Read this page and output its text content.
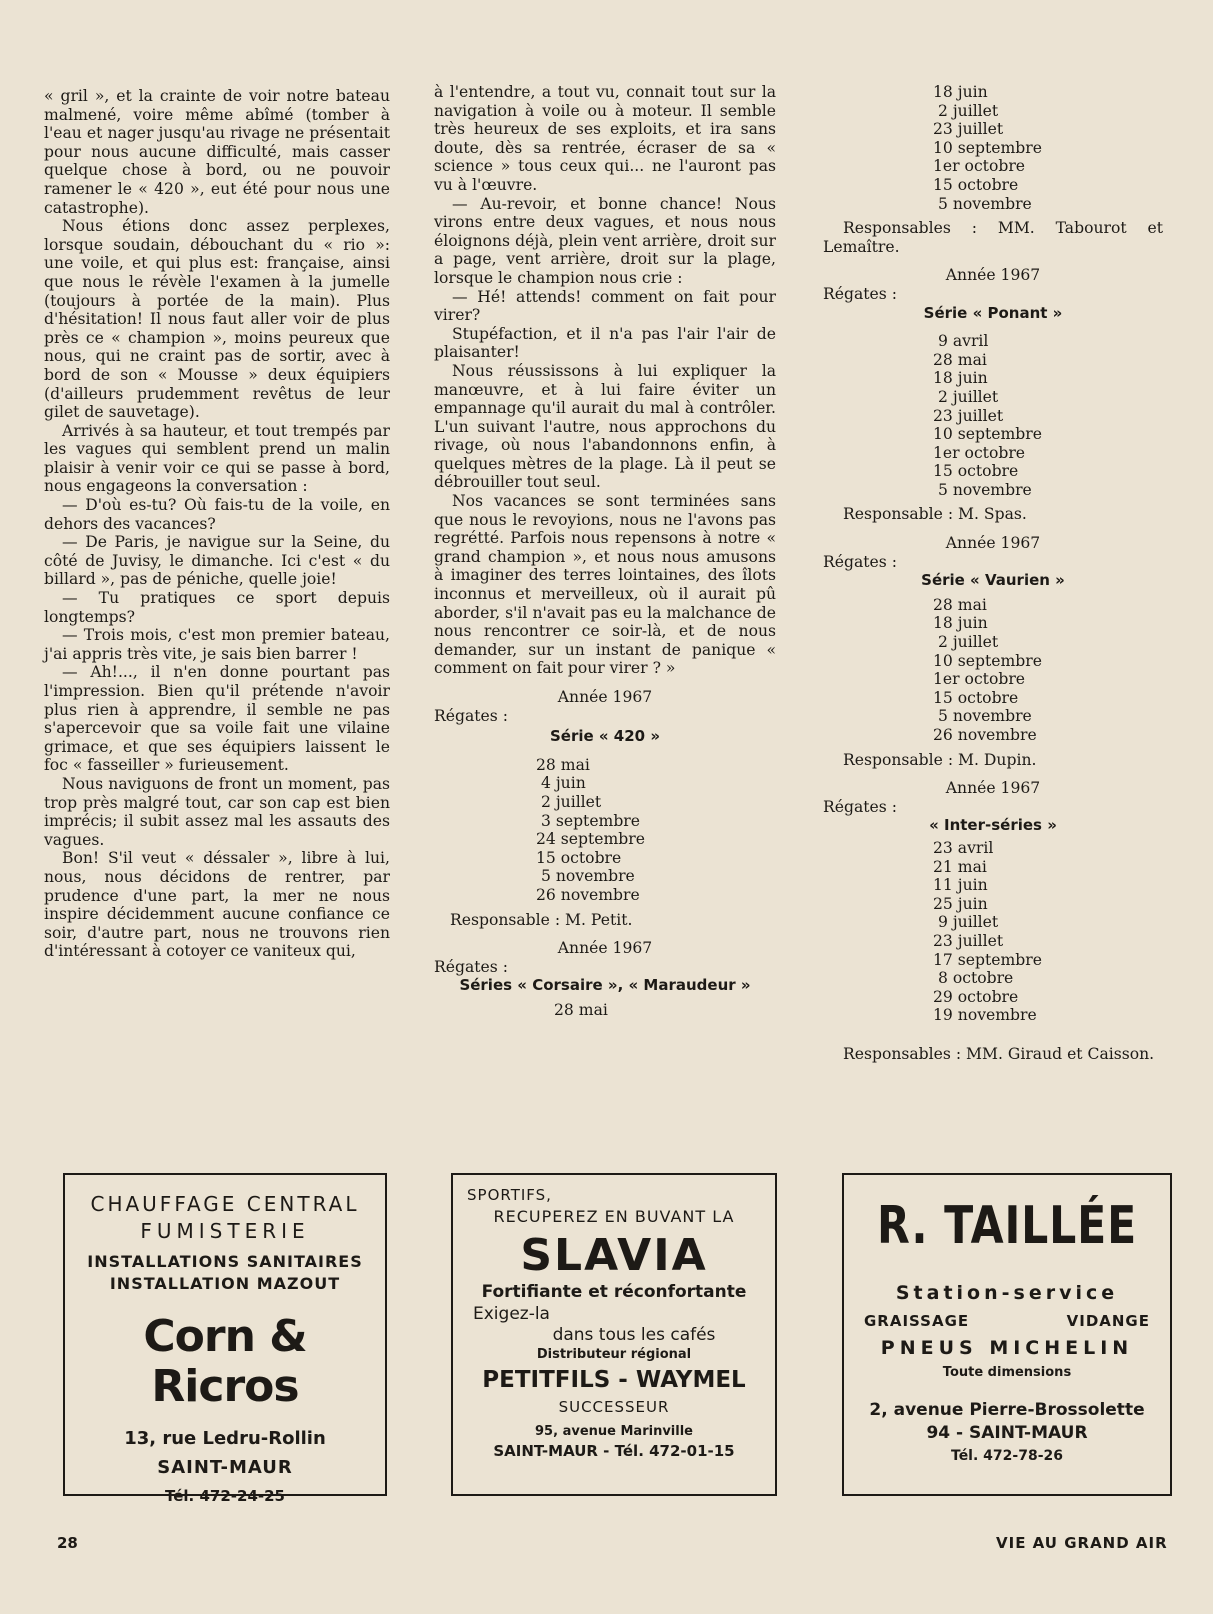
« gril », et la crainte de voir notre bateau malmené, voire même abîmé (tomber à l'eau et nager jusqu'au rivage ne présentait pour nous aucune difficulté, mais casser quelque chose à bord, ou ne pouvoir ramener le « 420 », eut été pour nous une catastrophe).

Nous étions donc assez perplexes, lorsque soudain, débouchant du « rio »: une voile, et qui plus est: française, ainsi que nous le révèle l'examen à la jumelle (toujours à portée de la main). Plus d'hésitation! Il nous faut aller voir de plus près ce « champion », moins peureux que nous, qui ne craint pas de sortir, avec à bord de son « Mousse » deux équipiers (d'ailleurs prudemment revêtus de leur gilet de sauvetage).

Arrivés à sa hauteur, et tout trempés par les vagues qui semblent prend un malin plaisir à venir voir ce qui se passe à bord, nous engageons la conversation :

— D'où es-tu? Où fais-tu de la voile, en dehors des vacances?

— De Paris, je navigue sur la Seine, du côté de Juvisy, le dimanche. Ici c'est « du billard », pas de péniche, quelle joie!

— Tu pratiques ce sport depuis longtemps?

— Trois mois, c'est mon premier bateau, j'ai appris très vite, je sais bien barrer !

— Ah!..., il n'en donne pourtant pas l'impression. Bien qu'il prétende n'avoir plus rien à apprendre, il semble ne pas s'apercevoir que sa voile fait une vilaine grimace, et que ses équipiers laissent le foc « fasseiller » furieusement.

Nous naviguons de front un moment, pas trop près malgré tout, car son cap est bien imprécis; il subit assez mal les assauts des vagues.

Bon! S'il veut « déssaler », libre à lui, nous, nous décidons de rentrer, par prudence d'une part, la mer ne nous inspire décidemment aucune confiance ce soir, d'autre part, nous ne trouvons rien d'intéressant à cotoyer ce vaniteux qui,

à l'entendre, a tout vu, connait tout sur la navigation à voile ou à moteur. Il semble très heureux de ses exploits, et ira sans doute, dès sa rentrée, écraser de sa « science » tous ceux qui... ne l'auront pas vu à l'œuvre.

— Au-revoir, et bonne chance! Nous virons entre deux vagues, et nous nous éloignons déjà, plein vent arrière, droit sur a page, vent arrière, droit sur la plage, lorsque le champion nous crie :

— Hé! attends! comment on fait pour virer?

Stupéfaction, et il n'a pas l'air l'air de plaisanter!

Nous réussissons à lui expliquer la manœuvre, et à lui faire éviter un empannage qu'il aurait du mal à contrôler. L'un suivant l'autre, nous approchons du rivage, où nous l'abandonnons enfin, à quelques mètres de la plage. Là il peut se débrouiller tout seul.

Nos vacances se sont terminées sans que nous le revoyions, nous ne l'avons pas regrétté. Parfois nous repensons à notre « grand champion », et nous nous amusons à imaginer des terres lointaines, des îlots inconnus et merveilleux, où il aurait pû aborder, s'il n'avait pas eu la malchance de nous rencontrer ce soir-là, et de nous demander, sur un instant de panique « comment on fait pour virer ? »

Année 1967
Régates :
Série « 420 »
28 mai
4 juin
2 juillet
3 septembre
24 septembre
15 octobre
5 novembre
26 novembre
Responsable : M. Petit.
Année 1967
Régates :
Séries « Corsaire », « Maraudeur »
28 mai
18 juin
2 juillet
23 juillet
10 septembre
1er octobre
15 octobre
5 novembre
Responsables : MM. Tabourot et Lemaître.
Année 1967
Régates :
Série « Ponant »
9 avril
28 mai
18 juin
2 juillet
23 juillet
10 septembre
1er octobre
15 octobre
5 novembre
Responsable : M. Spas.
Année 1967
Régates :
Série « Vaurien »
28 mai
18 juin
2 juillet
10 septembre
1er octobre
15 octobre
5 novembre
26 novembre
Responsable : M. Dupin.
Année 1967
Régates :
« Inter-séries »
23 avril
21 mai
11 juin
25 juin
9 juillet
23 juillet
17 septembre
8 octobre
29 octobre
19 novembre
Responsables : MM. Giraud et Caisson.
CHAUFFAGE CENTRAL
FUMISTERIE
INSTALLATIONS SANITAIRES
INSTALLATION MAZOUT
Corn & Ricros
13, rue Ledru-Rollin
SAINT-MAUR
Tél. 472-24-25
SPORTIFS,
RECUPEREZ EN BUVANT LA
SLAVIA
Fortifiante et réconfortante
Exigez-la
dans tous les cafés
Distributeur régional
PETITFILS - WAYMEL
SUCCESSEUR
95, avenue Marinville
SAINT-MAUR - Tél. 472-01-15
R. TAILLÉE
Station-service
GRAISSAGE	VIDANGE
PNEUS MICHELIN
Toute dimensions
2, avenue Pierre-Brossolette
94 - SAINT-MAUR
Tél. 472-78-26
28	VIE AU GRAND AIR
